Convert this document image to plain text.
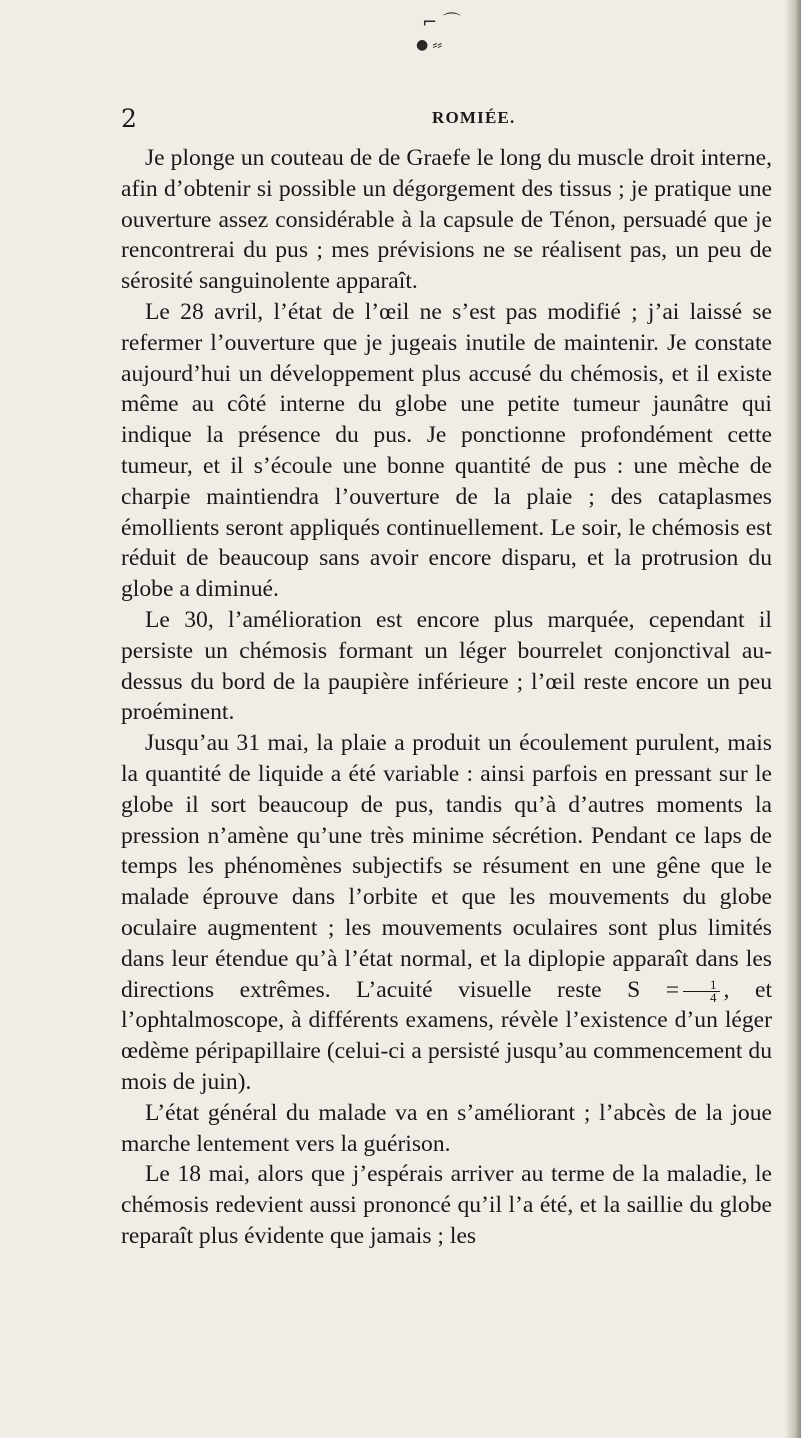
⌐ ⌒
● ⸗⸗
2	ROMIÉE.

Je plonge un couteau de de Graefe le long du muscle droit interne, afin d’obtenir si possible un dégorgement des tissus ; je pratique une ouverture assez considérable à la capsule de Ténon, persuadé que je rencontrerai du pus ; mes prévisions ne se réalisent pas, un peu de sérosité sanguinolente apparaît.

Le 28 avril, l’état de l’œil ne s’est pas modifié ; j’ai laissé se refermer l’ouverture que je jugeais inutile de maintenir. Je constate aujourd’hui un développement plus accusé du chémosis, et il existe même au côté interne du globe une petite tumeur jaunâtre qui indique la présence du pus. Je ponctionne profondément cette tumeur, et il s’écoule une bonne quantité de pus : une mèche de charpie maintiendra l’ouverture de la plaie ; des cataplasmes émollients seront appliqués continuellement. Le soir, le chémosis est réduit de beaucoup sans avoir encore disparu, et la protrusion du globe a diminué.

Le 30, l’amélioration est encore plus marquée, cependant il persiste un chémosis formant un léger bourrelet conjonctival au-dessus du bord de la paupière inférieure ; l’œil reste encore un peu proéminent.

Jusqu’au 31 mai, la plaie a produit un écoulement purulent, mais la quantité de liquide a été variable : ainsi parfois en pressant sur le globe il sort beaucoup de pus, tandis qu’à d’autres moments la pression n’amène qu’une très minime sécrétion. Pendant ce laps de temps les phénomènes subjectifs se résument en une gêne que le malade éprouve dans l’orbite et que les mouvements du globe oculaire augmentent ; les mouvements oculaires sont plus limités dans leur étendue qu’à l’état normal, et la diplopie apparaît dans les directions extrêmes. L’acuité visuelle reste $S = \frac{1}{4}$ , et l’ophtalmoscope, à différents examens, révèle l’existence d’un léger œdème péripapillaire (celui-ci a persisté jusqu’au commencement du mois de juin).

L’état général du malade va en s’améliorant ; l’abcès de la joue marche lentement vers la guérison.

Le 18 mai, alors que j’espérais arriver au terme de la maladie, le chémosis redevient aussi prononcé qu’il l’a été, et la saillie du globe reparaît plus évidente que jamais ; les
